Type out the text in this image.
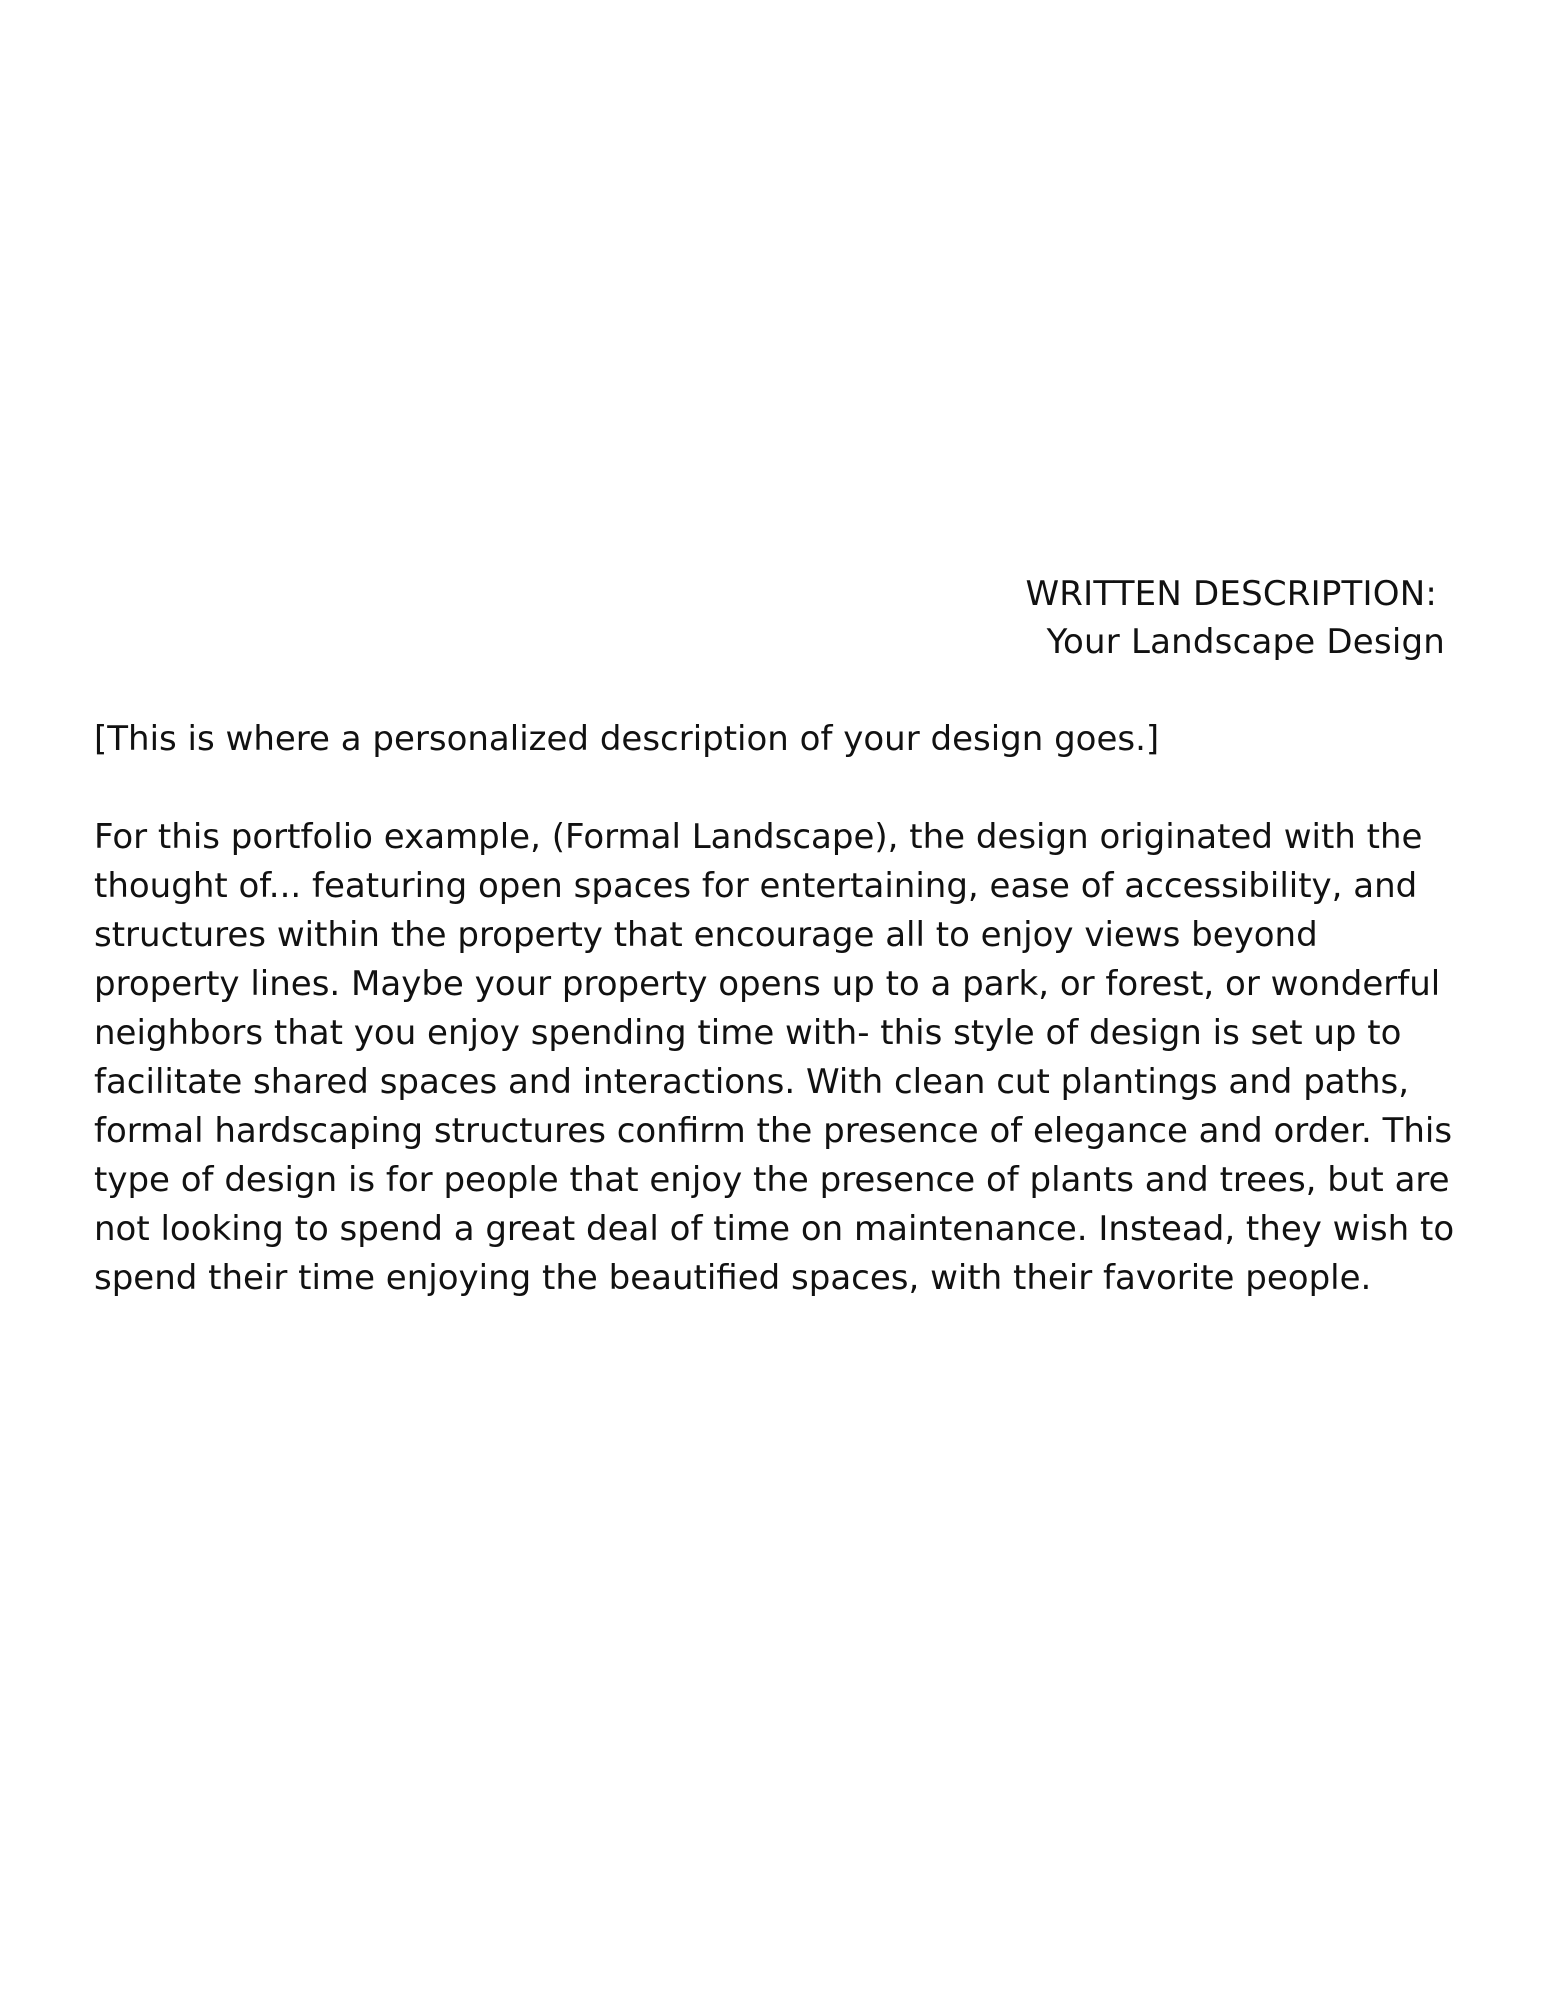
WRITTEN DESCRIPTION:
Your Landscape Design
[This is where a personalized description of your design goes.]
For this portfolio example, (Formal Landscape), the design originated with the
thought of... featuring open spaces for entertaining, ease of accessibility, and
structures within the property that encourage all to enjoy views beyond
property lines. Maybe your property opens up to a park, or forest, or wonderful
neighbors that you enjoy spending time with- this style of design is set up to
facilitate shared spaces and interactions. With clean cut plantings and paths,
formal hardscaping structures confirm the presence of elegance and order. This
type of design is for people that enjoy the presence of plants and trees, but are
not looking to spend a great deal of time on maintenance. Instead, they wish to
spend their time enjoying the beautified spaces, with their favorite people.
